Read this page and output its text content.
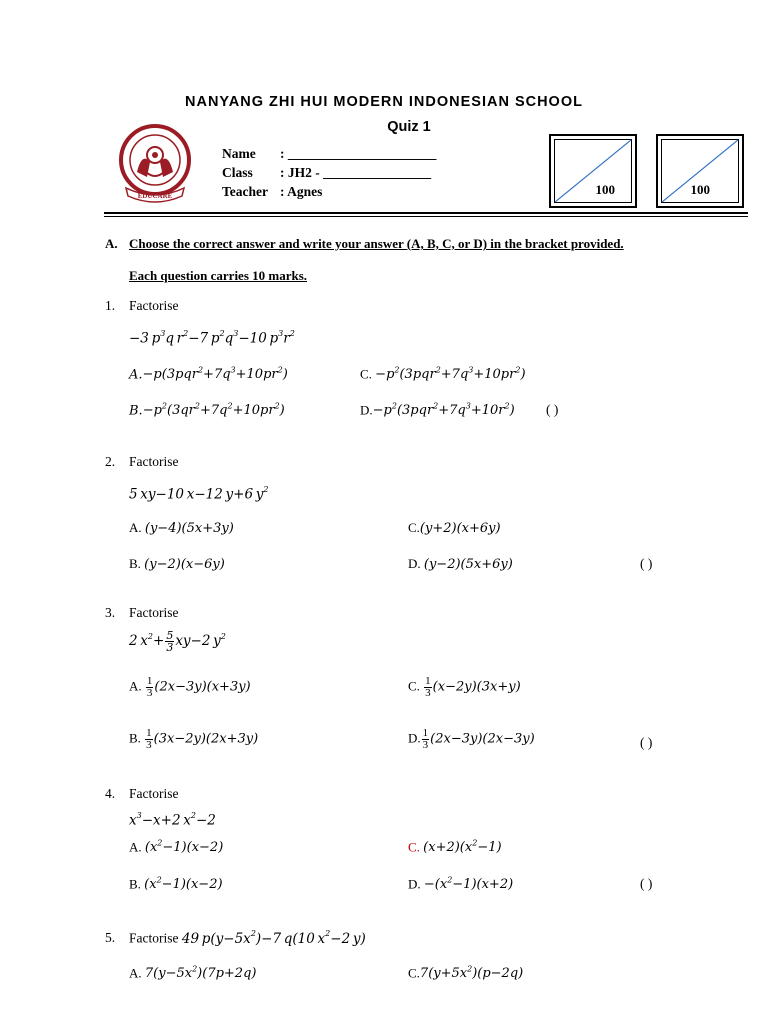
NANYANG ZHI HUI MODERN INDONESIAN SCHOOL
Quiz 1
EDUCARE
Name : ______________________
Class : JH2 - ________________
Teacher : Agnes	100	100
A. Choose the correct answer and write your answer (A, B, C, or D) in the bracket provided.
Each question carries 10 marks.
1. Factorise
−3 $p^3q$ $r^2-7$ $p^2q^3-10$ $p^3r^2$
$A.-p(3pqr^2+7q^3+10pr^2)$	C. $-p^2(3pqr^2+7q^3+10pr^2)$
$B.-p^2(3qr^2+7q^2+10pr^2)$	$D.-p^2(3pqr^2+7q^3+10r^2)$ ( )
2. Factorise
5 xy−10 x−12 y+6 $y^2$
A. (y−4)(5x+3y)	C.(y+2)(x+6y)
B. (y−2)(x−6y)	D. (y−2)(5x+6y)	( )
3. Factorise
2 $x^2+ \frac{5}{3} xy-2$ $y^2$
A. $\frac{1}{3} (2x-3y)(x+3y)$	C. $\frac{1}{3} (x-2y)(3x+y)$
B. $\frac{1}{3} (3x-2y)(2x+3y)$	D. $\frac{1}{3} (2x-3y)(2x-3y)$	( )
4. Factorise
$x^3-x+2$ $x^2-2$
A. $(x^2-1)(x-2)$	C. $(x+2)(x^2-1)$
B. $(x^2-1)(x-2)$	D. $-(x^2-1)(x+2)$	( )
5. Factorise 49 $p(y-5x^2)-7$ q(10 $x^2-2$ y)
A. $7(y-5x^2)(7p+2q)$	$C.7(y+5x^2)(p-2q)$
